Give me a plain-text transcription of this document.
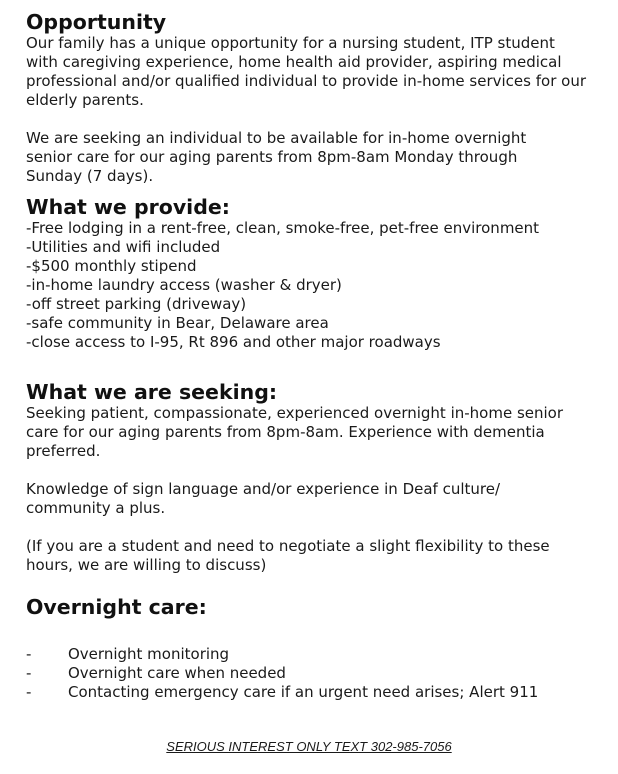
Opportunity

Our family has a unique opportunity for a nursing student, ITP student with caregiving experience, home health aid provider, aspiring medical professional and/or qualified individual to provide in-home services for our elderly parents.

We are seeking an individual to be available for in-home overnight senior care for our aging parents from 8pm-8am Monday through Sunday (7 days).

What we provide:
-Free lodging in a rent-free, clean, smoke-free, pet-free environment
-Utilities and wifi included
-$500 monthly stipend
-in-home laundry access (washer & dryer)
-off street parking (driveway)
-safe community in Bear, Delaware area
-close access to I-95, Rt 896 and other major roadways
What we are seeking:

Seeking patient, compassionate, experienced overnight in-home senior care for our aging parents from 8pm-8am. Experience with dementia preferred.

Knowledge of sign language and/or experience in Deaf culture/ community a plus.

(If you are a student and need to negotiate a slight flexibility to these hours, we are willing to discuss)

Overnight care:
-	Overnight monitoring
-	Overnight care when needed
-	Contacting emergency care if an urgent need arises; Alert 911
SERIOUS INTEREST ONLY TEXT 302-985-7056
